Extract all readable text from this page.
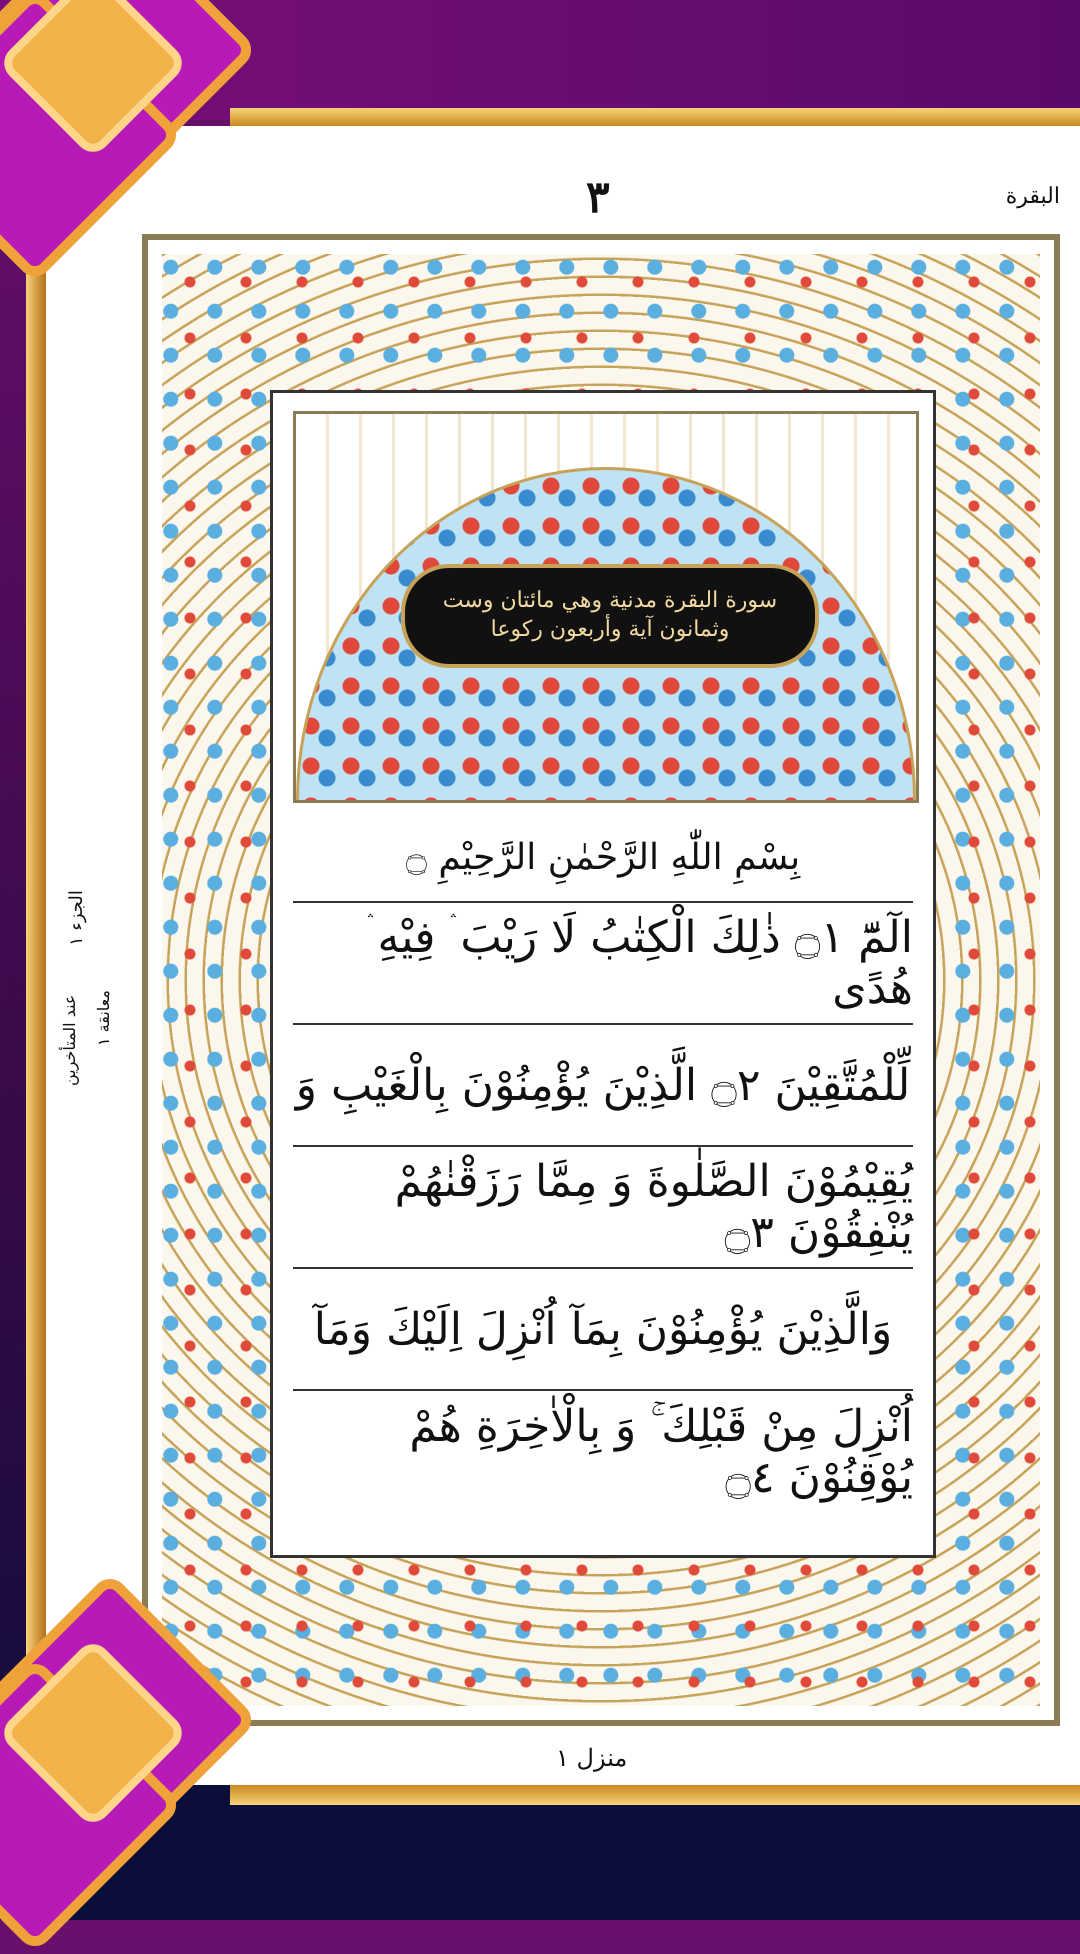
٣	البقرة
الجزء ١
معانقة ١
عند المتأخرين
سورة البقرة مدنية وهي مائتان وست وثمانون آية وأربعون ركوعا
بِسْمِ اللّٰهِ الرَّحْمٰنِ الرَّحِيْمِ ۝
الٓمّٓ ۝١ ذٰلِكَ الْكِتٰبُ لَا رَيْبَ ۛ فِيْهِ ۛ هُدًى
لِّلْمُتَّقِيْنَ ۝٢ الَّذِيْنَ يُؤْمِنُوْنَ بِالْغَيْبِ وَ
يُقِيْمُوْنَ الصَّلٰوةَ وَ مِمَّا رَزَقْنٰهُمْ يُنْفِقُوْنَ ۝٣
وَالَّذِيْنَ يُؤْمِنُوْنَ بِمَآ اُنْزِلَ اِلَيْكَ وَمَآ
اُنْزِلَ مِنْ قَبْلِكَ ۚ وَ بِالْاٰخِرَةِ هُمْ يُوْقِنُوْنَ ۝٤
منزل ١
